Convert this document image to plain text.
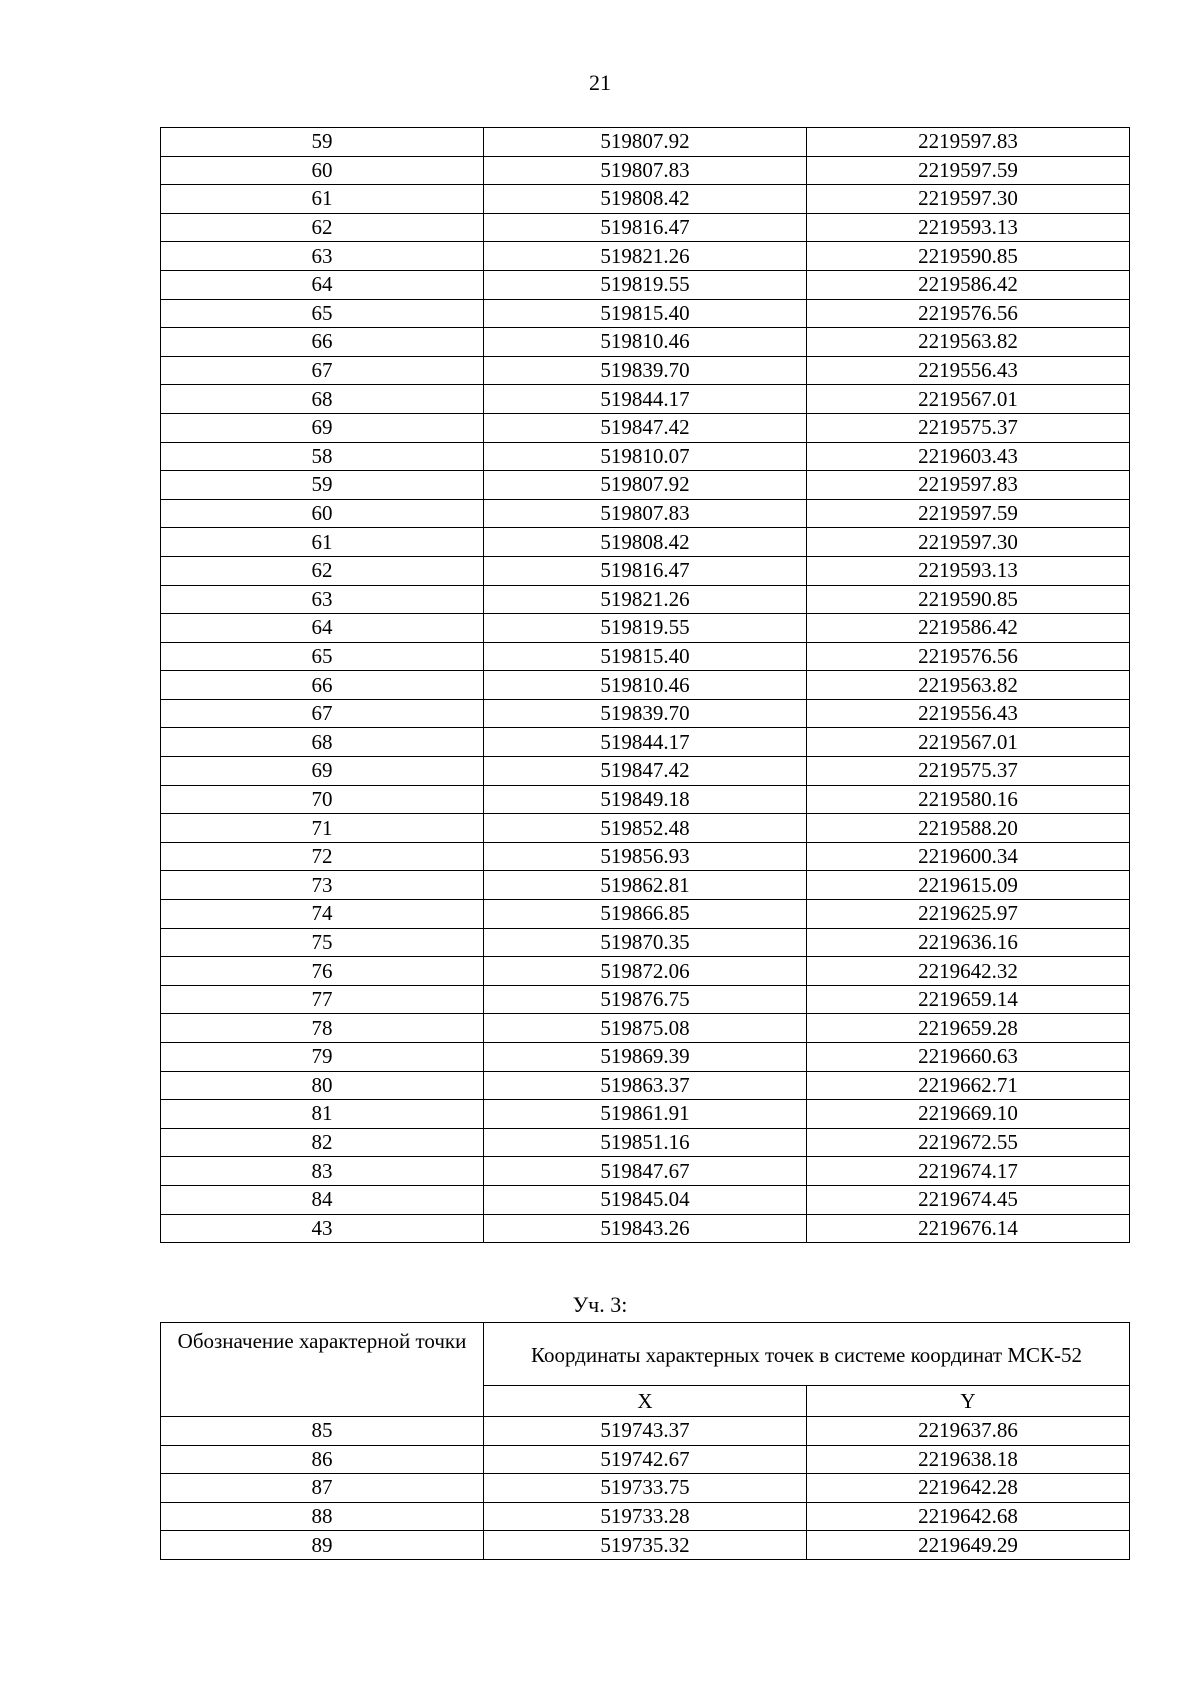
21
59	519807.92	2219597.83
60	519807.83	2219597.59
61	519808.42	2219597.30
62	519816.47	2219593.13
63	519821.26	2219590.85
64	519819.55	2219586.42
65	519815.40	2219576.56
66	519810.46	2219563.82
67	519839.70	2219556.43
68	519844.17	2219567.01
69	519847.42	2219575.37
58	519810.07	2219603.43
59	519807.92	2219597.83
60	519807.83	2219597.59
61	519808.42	2219597.30
62	519816.47	2219593.13
63	519821.26	2219590.85
64	519819.55	2219586.42
65	519815.40	2219576.56
66	519810.46	2219563.82
67	519839.70	2219556.43
68	519844.17	2219567.01
69	519847.42	2219575.37
70	519849.18	2219580.16
71	519852.48	2219588.20
72	519856.93	2219600.34
73	519862.81	2219615.09
74	519866.85	2219625.97
75	519870.35	2219636.16
76	519872.06	2219642.32
77	519876.75	2219659.14
78	519875.08	2219659.28
79	519869.39	2219660.63
80	519863.37	2219662.71
81	519861.91	2219669.10
82	519851.16	2219672.55
83	519847.67	2219674.17
84	519845.04	2219674.45
43	519843.26	2219676.14
Уч. 3:
Обозначение характерной точки	Координаты характерных точек в системе координат МСК-52	
	X	Y
85	519743.37	2219637.86
86	519742.67	2219638.18
87	519733.75	2219642.28
88	519733.28	2219642.68
89	519735.32	2219649.29
